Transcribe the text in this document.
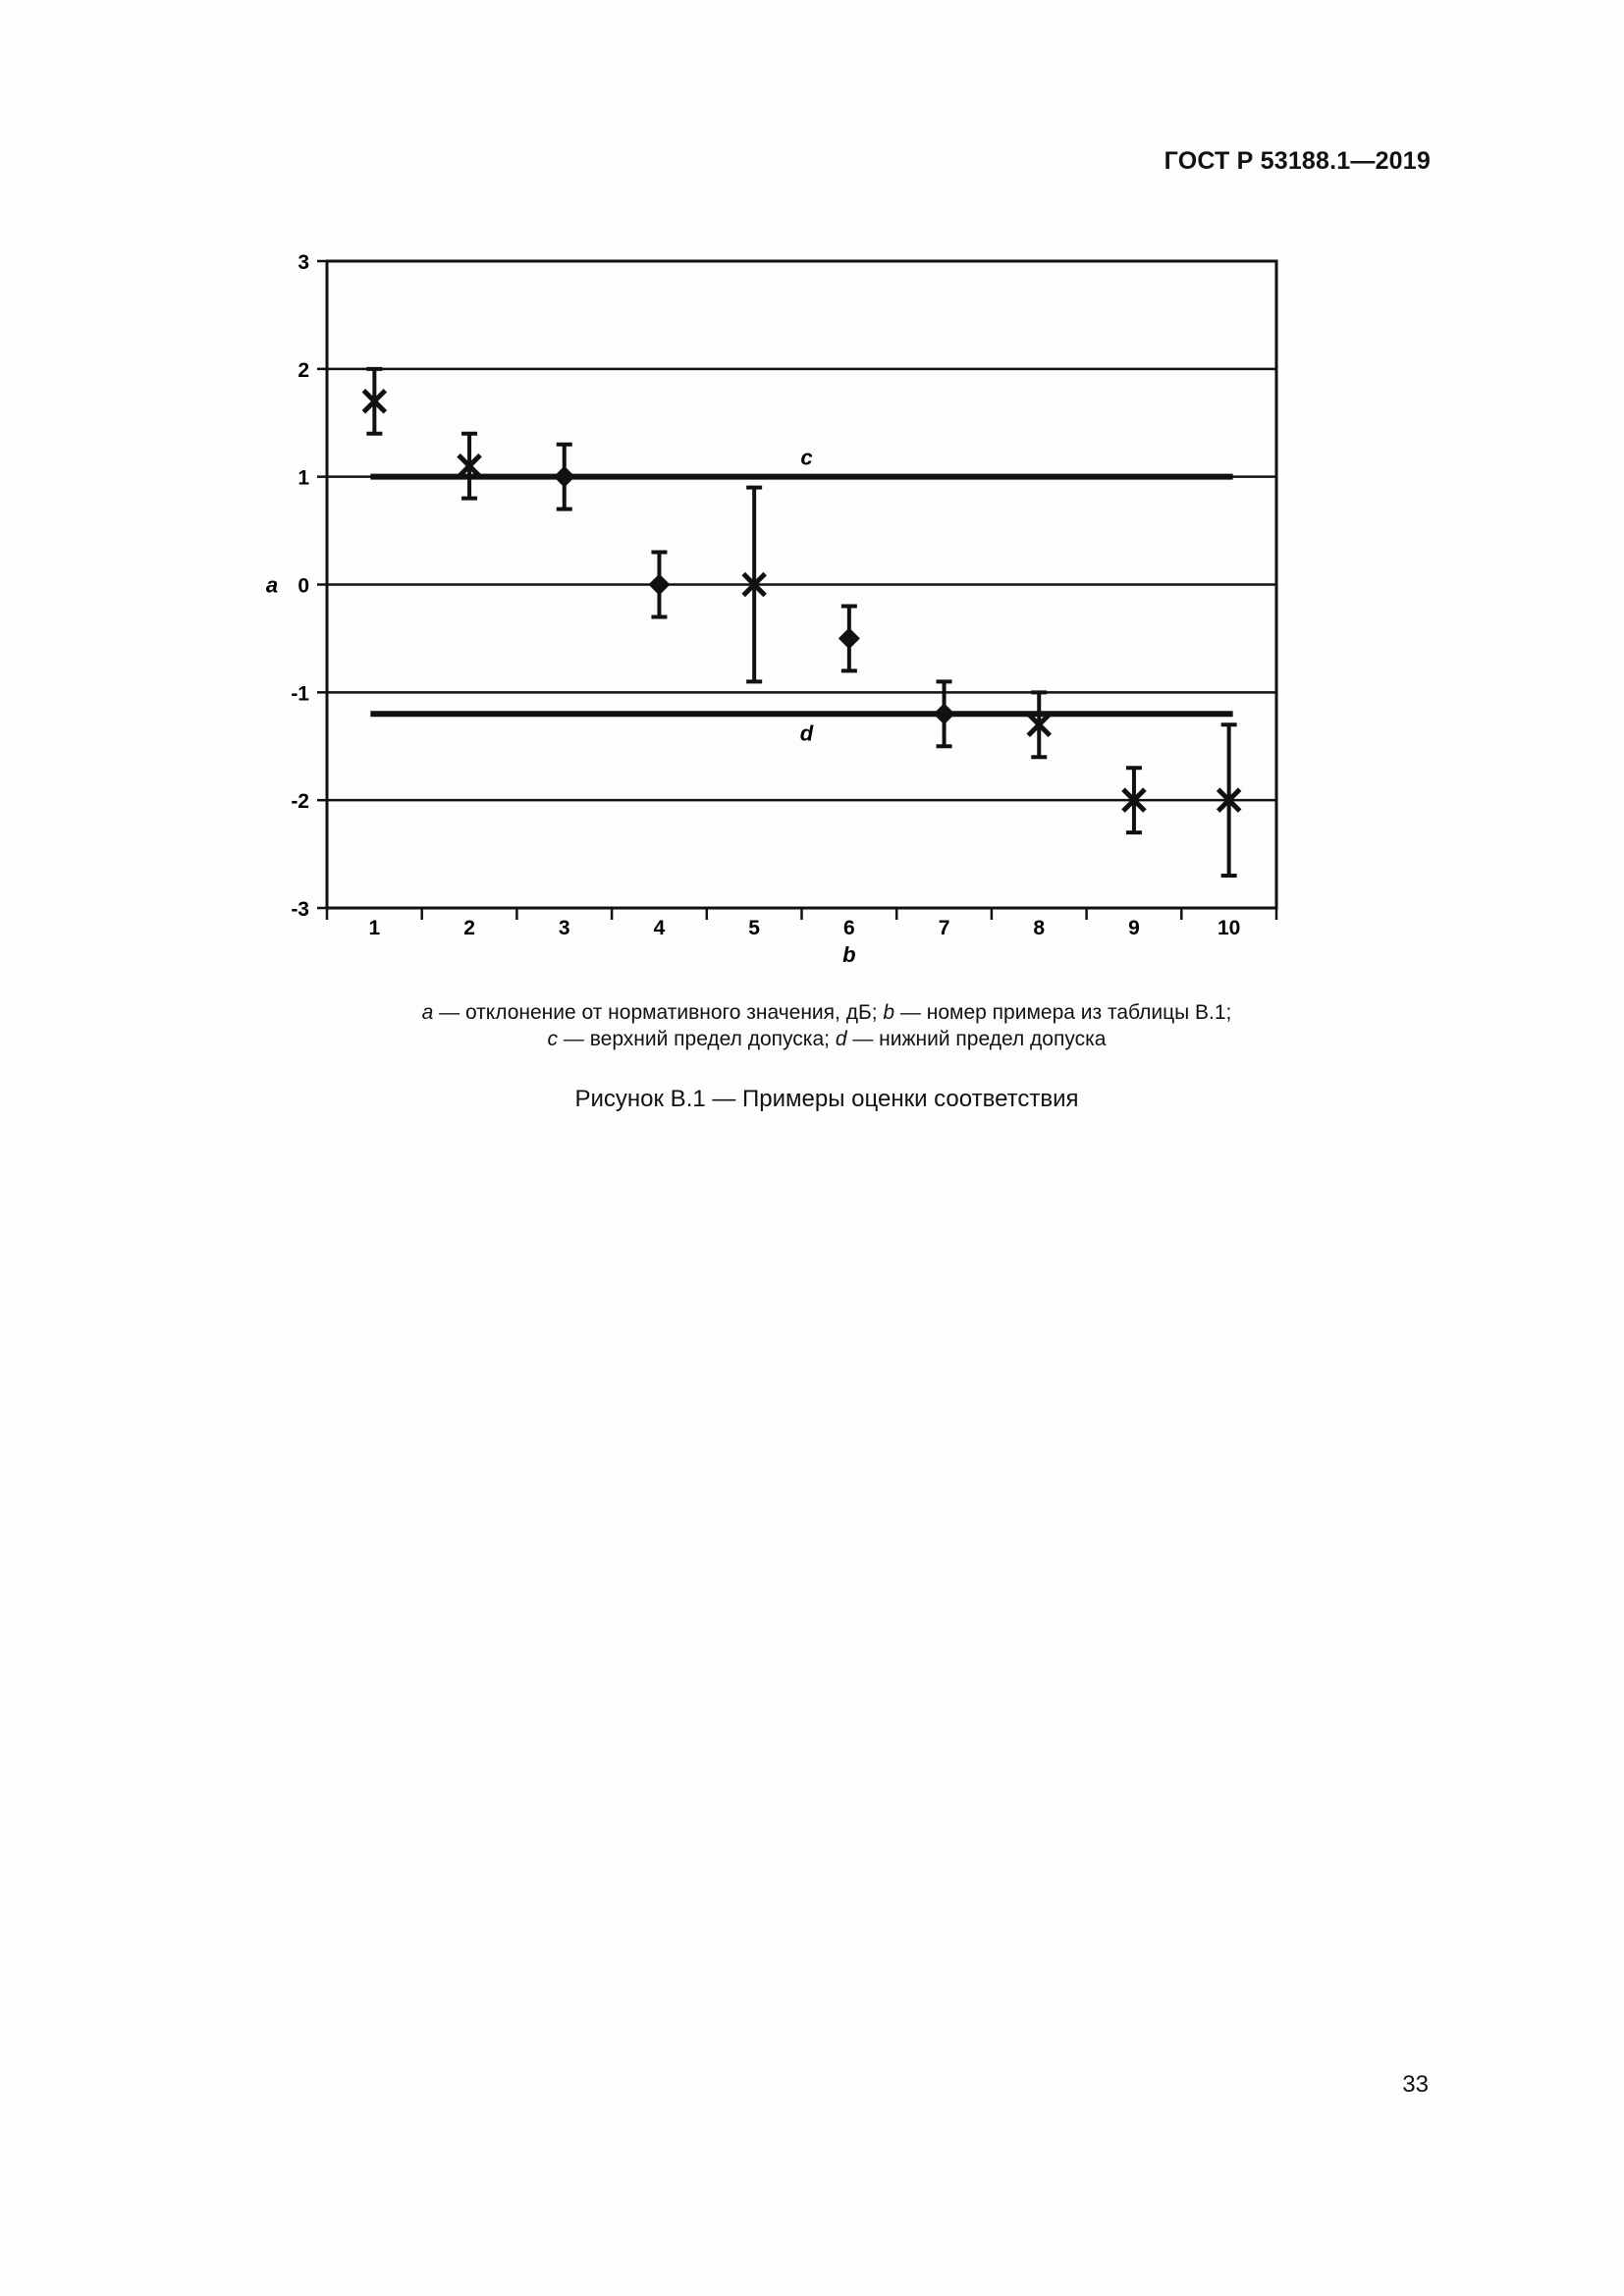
ГОСТ Р 53188.1—2019
3
2
1
0
-1
-2
-3
1	2	3	4	5	6	7	8	9	10
b
a
c
d
a — отклонение от нормативного значения, дБ; b — номер примера из таблицы В.1;
c — верхний предел допуска; d — нижний предел допуска
Рисунок В.1 — Примеры оценки соответствия
33
